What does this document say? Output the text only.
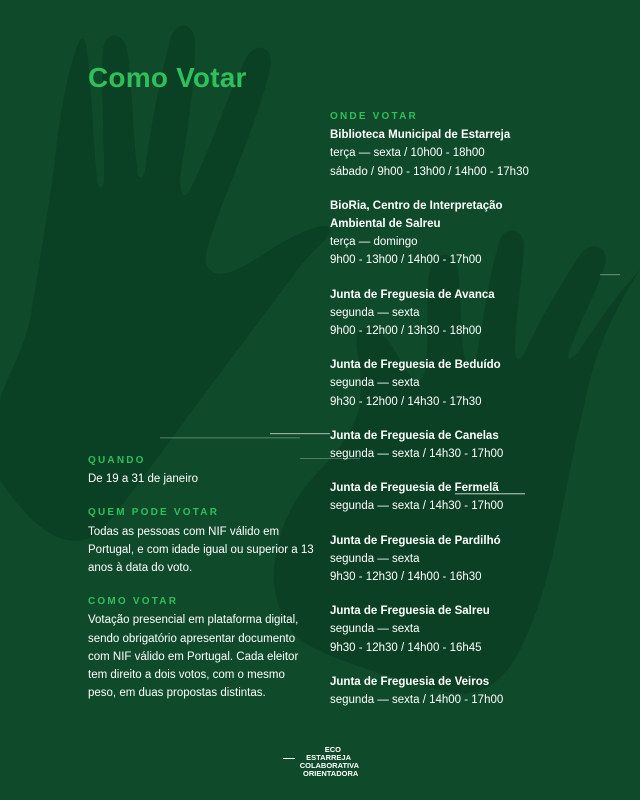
Como Votar
ONDE VOTAR
Biblioteca Municipal de Estarreja
terça — sexta / 10h00 - 18h00
sábado / 9h00 - 13h00 / 14h00 - 17h30
BioRia, Centro de Interpretação
Ambiental de Salreu
terça — domingo
9h00 - 13h00 / 14h00 - 17h00
Junta de Freguesia de Avanca
segunda — sexta
9h00 - 12h00 / 13h30 - 18h00
Junta de Freguesia de Beduído
segunda — sexta
9h30 - 12h00 / 14h30 - 17h30
Junta de Freguesia de Canelas
segunda — sexta / 14h30 - 17h00
Junta de Freguesia de Fermelã
segunda — sexta / 14h30 - 17h00
Junta de Freguesia de Pardilhó
segunda — sexta
9h30 - 12h30 / 14h00 - 16h30
Junta de Freguesia de Salreu
segunda — sexta
9h30 - 12h30 / 14h00 - 16h45
Junta de Freguesia de Veiros
segunda — sexta / 14h00 - 17h00
QUANDO
De 19 a 31 de janeiro
QUEM PODE VOTAR
Todas as pessoas com NIF válido em
Portugal, e com idade igual ou superior a 13
anos à data do voto.
COMO VOTAR
Votação presencial em plataforma digital,
sendo obrigatório apresentar documento
com NIF válido em Portugal. Cada eleitor
tem direito a dois votos, com o mesmo
peso, em duas propostas distintas.
ECO
ESTARREJA
COLABORATIVA
ORIENTADORA
